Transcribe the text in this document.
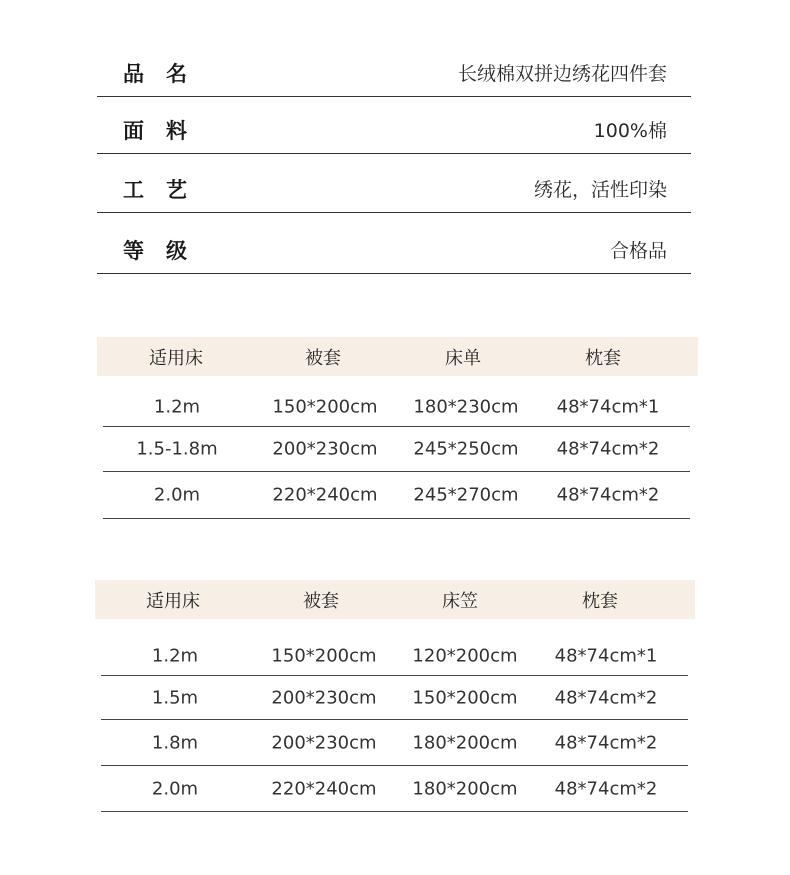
品名	长绒棉双拼边绣花四件套
面料	100%棉
工艺	绣花，活性印染
等级	合格品
适用床	被套	床单	枕套
1.2m	150*200cm 180*230cm 48*74cm*1
1.5-1.8m	200*230cm 245*250cm 48*74cm*2
2.0m	220*240cm 245*270cm 48*74cm*2
适用床	被套	床笠	枕套
1.2m	150*200cm 120*200cm 48*74cm*1
1.5m	200*230cm 150*200cm 48*74cm*2
1.8m	200*230cm 180*200cm 48*74cm*2
2.0m	220*240cm 180*200cm 48*74cm*2
